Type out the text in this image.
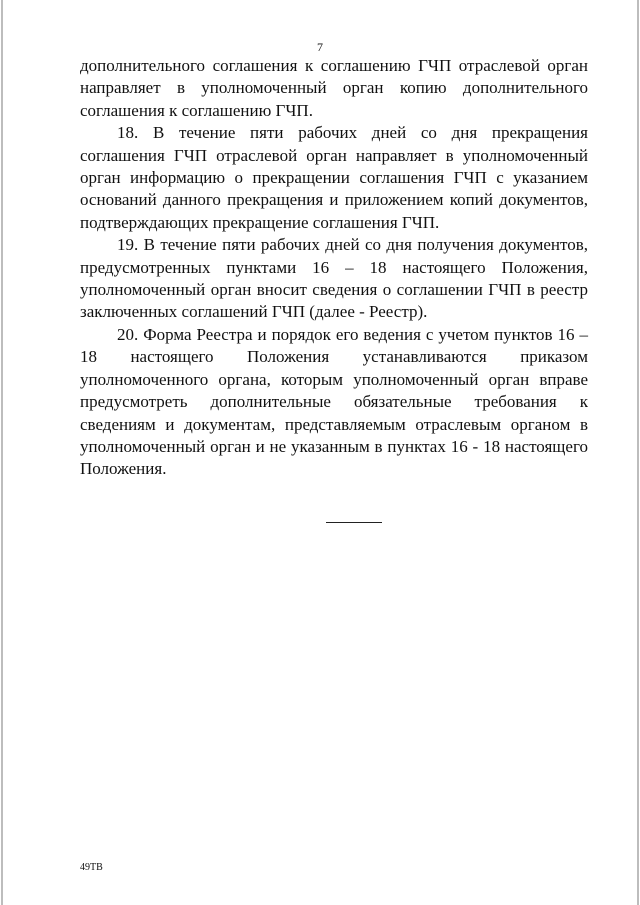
7

дополнительного соглашения к соглашению ГЧП отраслевой орган направляет в уполномоченный орган копию дополнительного соглашения к соглашению ГЧП.

18. В течение пяти рабочих дней со дня прекращения соглашения ГЧП отраслевой орган направляет в уполномоченный орган информацию о прекращении соглашения ГЧП с указанием оснований данного прекращения и приложением копий документов, подтверждающих прекращение соглашения ГЧП.

19. В течение пяти рабочих дней со дня получения документов, предусмотренных пунктами 16 – 18 настоящего Положения, уполномоченный орган вносит сведения о соглашении ГЧП в реестр заключенных соглашений ГЧП (далее - Реестр).

20. Форма Реестра и порядок его ведения с учетом пунктов 16 – 18 настоящего Положения устанавливаются приказом уполномоченного органа, которым уполномоченный орган вправе предусмотреть дополнительные обязательные требования к сведениям и документам, представляемым отраслевым органом в уполномоченный орган и не указанным в пунктах 16 - 18 настоящего Положения.

49ТВ
